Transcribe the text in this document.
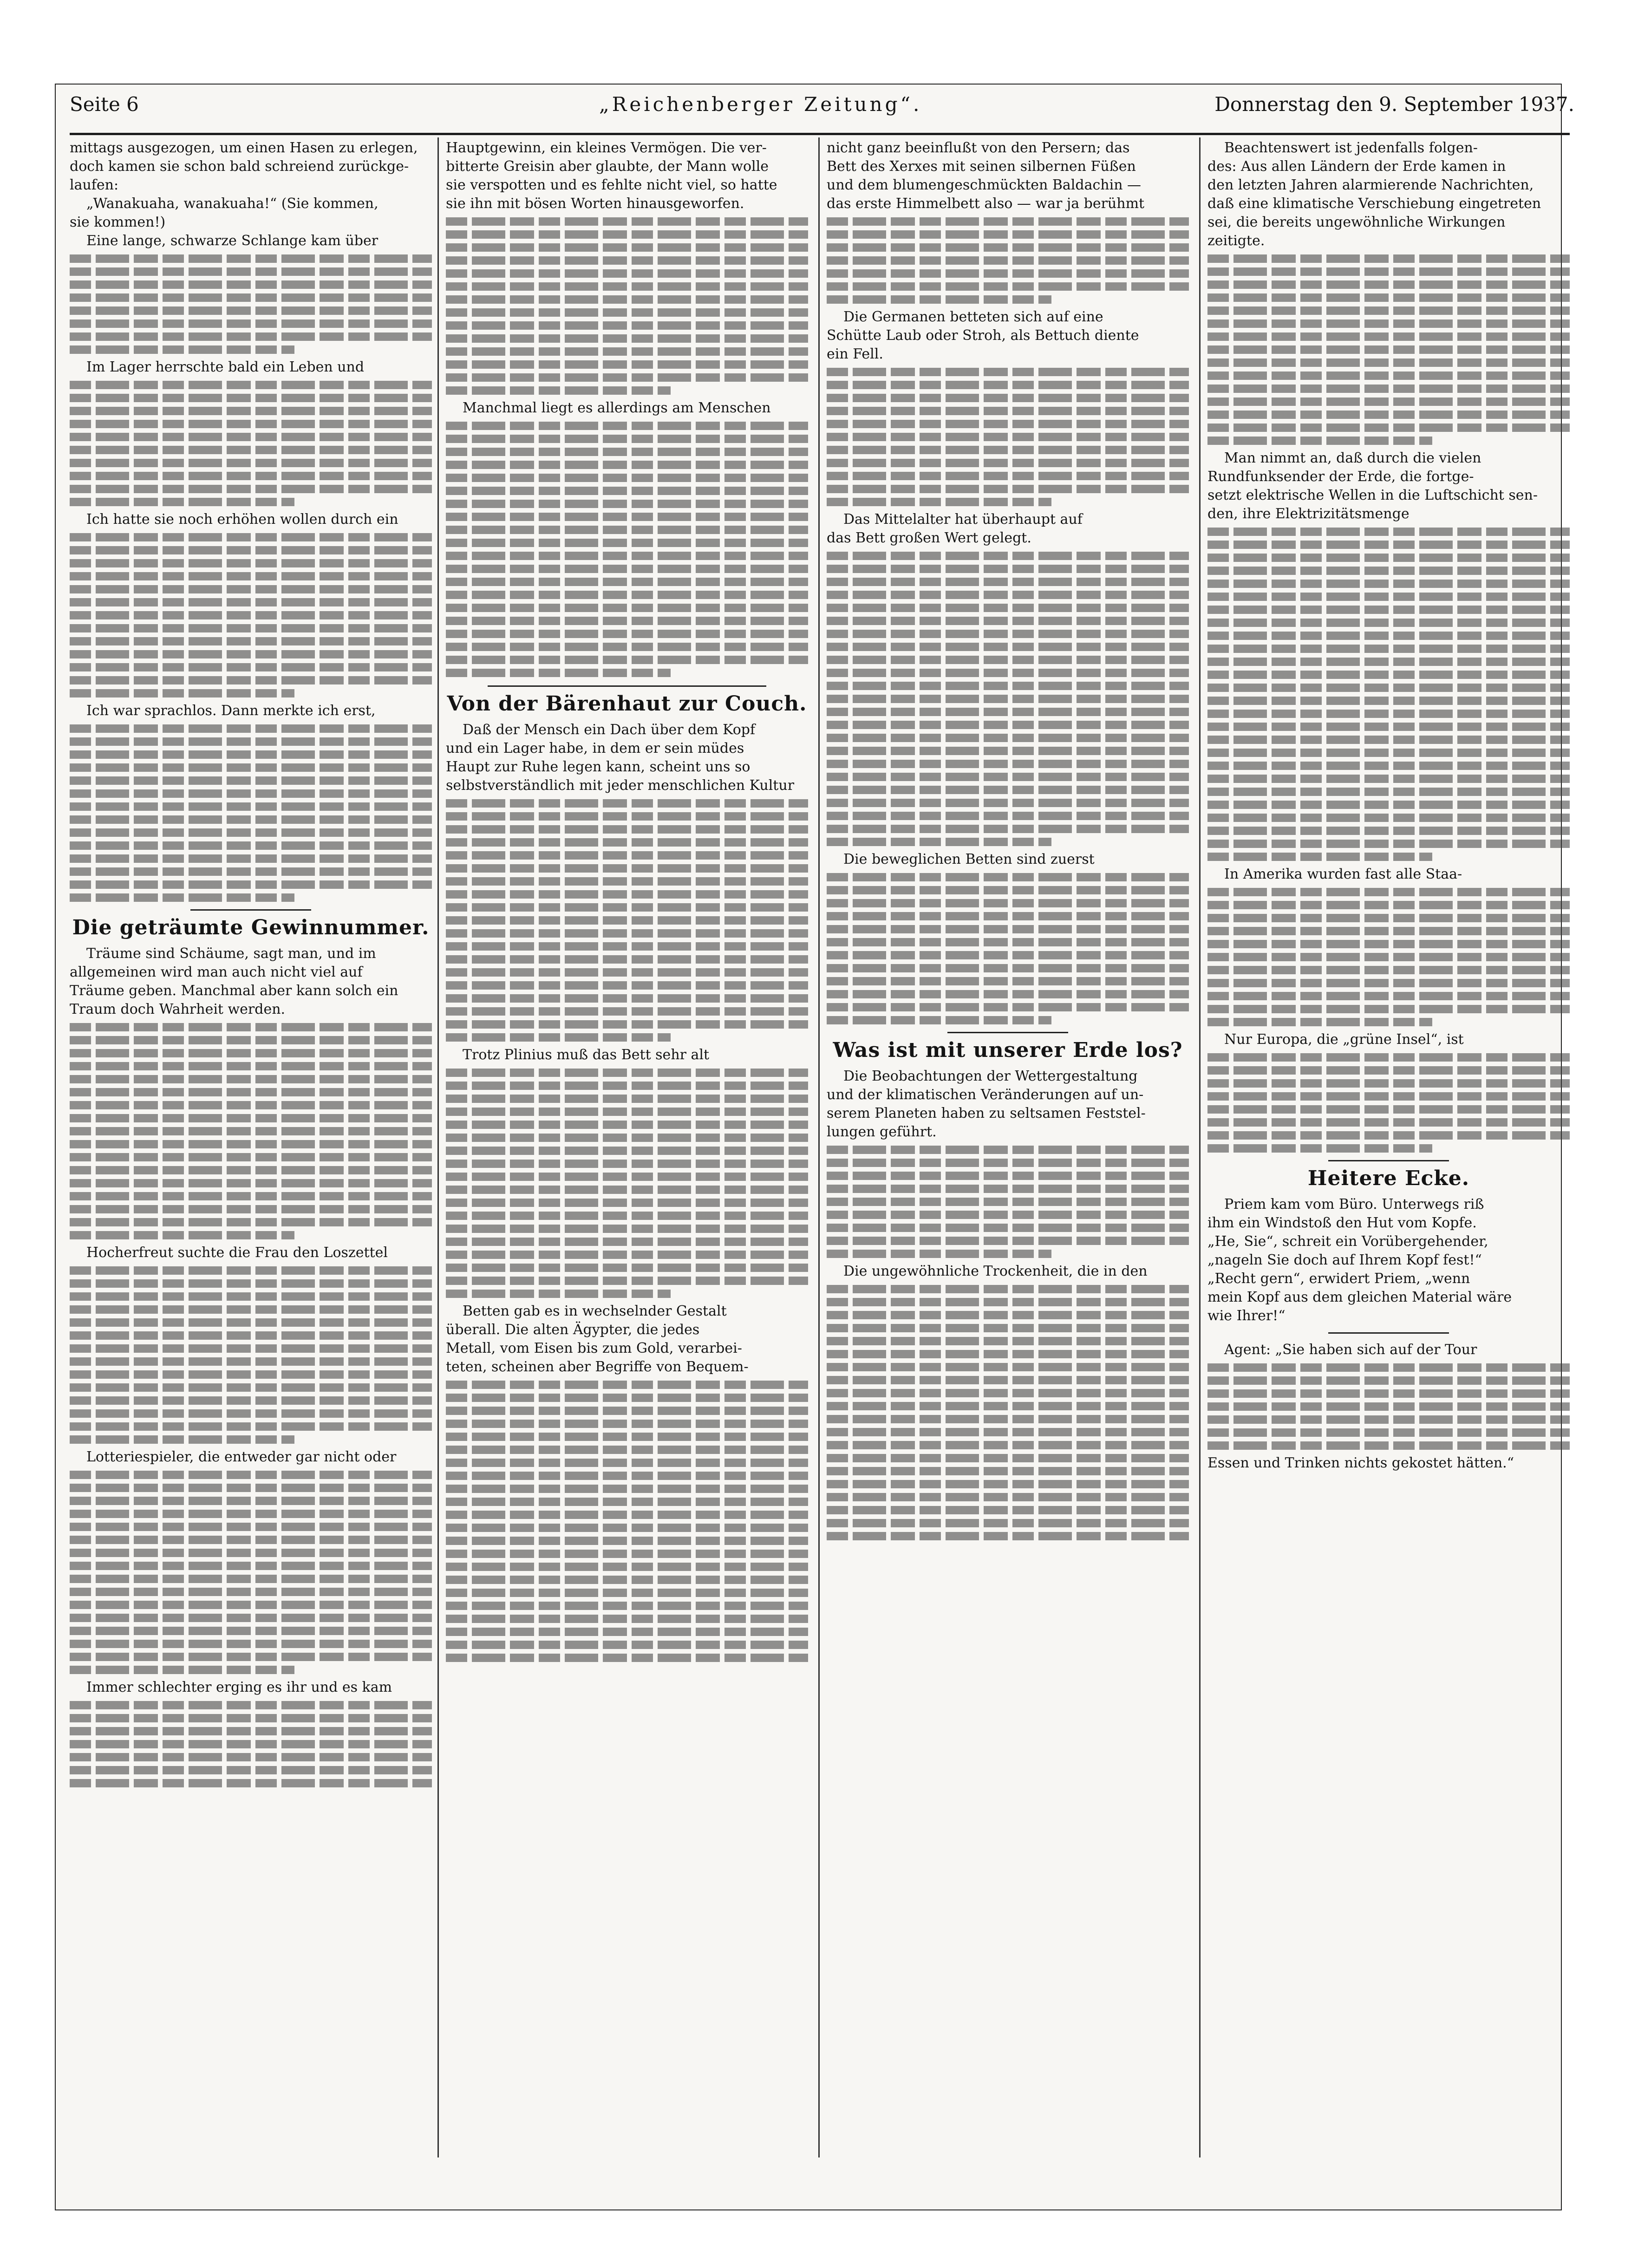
Seite 6	„Reichenberger Zeitung“.	Donnerstag den 9. September 1937.

mittags ausgezogen, um einen Hasen zu erlegen,

doch kamen sie schon bald schreiend zurückge-

laufen:

„Wanakuaha, wanakuaha!“ (Sie kommen,

sie kommen!)

Eine lange, schwarze Schlange kam über

Im Lager herrschte bald ein Leben und

Ich hatte sie noch erhöhen wollen durch ein

Ich war sprachlos. Dann merkte ich erst,

Die geträumte Gewinnummer.

Träume sind Schäume, sagt man, und im

allgemeinen wird man auch nicht viel auf

Träume geben. Manchmal aber kann solch ein

Traum doch Wahrheit werden.

Hocherfreut suchte die Frau den Loszettel

Lotteriespieler, die entweder gar nicht oder

Immer schlechter erging es ihr und es kam

Hauptgewinn, ein kleines Vermögen. Die ver-

bitterte Greisin aber glaubte, der Mann wolle

sie verspotten und es fehlte nicht viel, so hatte

sie ihn mit bösen Worten hinausgeworfen.

Manchmal liegt es allerdings am Menschen

Von der Bärenhaut zur Couch.

Daß der Mensch ein Dach über dem Kopf

und ein Lager habe, in dem er sein müdes

Haupt zur Ruhe legen kann, scheint uns so

selbstverständlich mit jeder menschlichen Kultur

Trotz Plinius muß das Bett sehr alt

Betten gab es in wechselnder Gestalt

überall. Die alten Ägypter, die jedes

Metall, vom Eisen bis zum Gold, verarbei-

teten, scheinen aber Begriffe von Bequem-

nicht ganz beeinflußt von den Persern; das

Bett des Xerxes mit seinen silbernen Füßen

und dem blumengeschmückten Baldachin —

das erste Himmelbett also — war ja berühmt

Die Germanen betteten sich auf eine

Schütte Laub oder Stroh, als Bettuch diente

ein Fell.

Das Mittelalter hat überhaupt auf

das Bett großen Wert gelegt.

Die beweglichen Betten sind zuerst

Was ist mit unserer Erde los?

Die Beobachtungen der Wettergestaltung

und der klimatischen Veränderungen auf un-

serem Planeten haben zu seltsamen Feststel-

lungen geführt.

Die ungewöhnliche Trockenheit, die in den

Beachtenswert ist jedenfalls folgen-

des: Aus allen Ländern der Erde kamen in

den letzten Jahren alarmierende Nachrichten,

daß eine klimatische Verschiebung eingetreten

sei, die bereits ungewöhnliche Wirkungen

zeitigte.

Man nimmt an, daß durch die vielen

Rundfunksender der Erde, die fortge-

setzt elektrische Wellen in die Luftschicht sen-

den, ihre Elektrizitätsmenge

In Amerika wurden fast alle Staa-

Nur Europa, die „grüne Insel“, ist

Heitere Ecke.

Priem kam vom Büro. Unterwegs riß

ihm ein Windstoß den Hut vom Kopfe.

„He, Sie“, schreit ein Vorübergehender,

„nageln Sie doch auf Ihrem Kopf fest!“

„Recht gern“, erwidert Priem, „wenn

mein Kopf aus dem gleichen Material wäre

wie Ihrer!“

Agent: „Sie haben sich auf der Tour

Essen und Trinken nichts gekostet hätten.“
